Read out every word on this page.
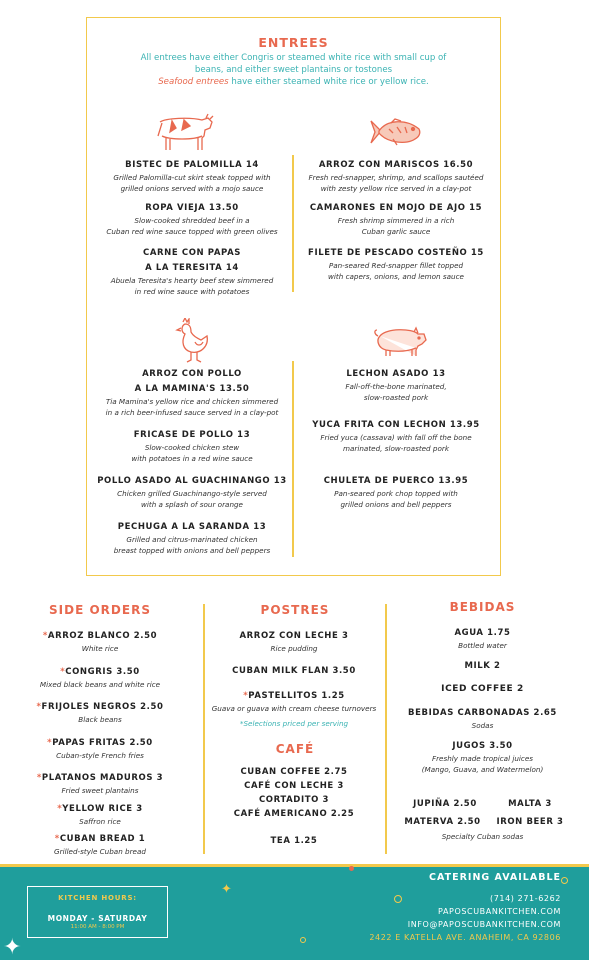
ENTREES
All entrees have either Congris or steamed white rice with small cup of
beans, and either sweet plantains or tostones
Seafood entrees have either steamed white rice or yellow rice.
BISTEC DE PALOMILLA 14
Grilled Palomilla-cut skirt steak topped with
grilled onions served with a mojo sauce
ROPA VIEJA 13.50
Slow-cooked shredded beef in a
Cuban red wine sauce topped with green olives
CARNE CON PAPAS
A LA TERESITA 14
Abuela Teresita's hearty beef stew simmered
in red wine sauce with potatoes
ARROZ CON POLLO
A LA MAMINA'S 13.50
Tia Mamina's yellow rice and chicken simmered
in a rich beer-infused sauce served in a clay-pot
FRICASE DE POLLO 13
Slow-cooked chicken stew
with potatoes in a red wine sauce
POLLO ASADO AL GUACHINANGO 13
Chicken grilled Guachinango-style served
with a splash of sour orange
PECHUGA A LA SARANDA 13
Grilled and citrus-marinated chicken
breast topped with onions and bell peppers
ARROZ CON MARISCOS 16.50
Fresh red-snapper, shrimp, and scallops sautéed
with zesty yellow rice served in a clay-pot
CAMARONES EN MOJO DE AJO 15
Fresh shrimp simmered in a rich
Cuban garlic sauce
FILETE DE PESCADO COSTEÑO 15
Pan-seared Red-snapper fillet topped
with capers, onions, and lemon sauce
LECHON ASADO 13
Fall-off-the-bone marinated,
slow-roasted pork
YUCA FRITA CON LECHON 13.95
Fried yuca (cassava) with fall off the bone
marinated, slow-roasted pork
CHULETA DE PUERCO 13.95
Pan-seared pork chop topped with
grilled onions and bell peppers
SIDE ORDERS
*ARROZ BLANCO 2.50
White rice
*CONGRIS 3.50
Mixed black beans and white rice
*FRIJOLES NEGROS 2.50
Black beans
*PAPAS FRITAS 2.50
Cuban-style French fries
*PLATANOS MADUROS 3
Fried sweet plantains
*YELLOW RICE 3
Saffron rice
*CUBAN BREAD 1
Grilled-style Cuban bread
POSTRES
ARROZ CON LECHE 3
Rice pudding
CUBAN MILK FLAN 3.50
*PASTELLITOS 1.25
Guava or guava with cream cheese turnovers
*Selections priced per serving
CAFÉ
CUBAN COFFEE 2.75
CAFÉ CON LECHE 3
CORTADITO 3
CAFÉ AMERICANO 2.25
TEA 1.25
BEBIDAS
AGUA 1.75
Bottled water
MILK 2
ICED COFFEE 2
BEBIDAS CARBONADAS 2.65
Sodas
JUGOS 3.50
Freshly made tropical juices
(Mango, Guava, and Watermelon)
JUPIÑA 2.50	MALTA 3
MATERVA 2.50	IRON BEER 3
Specialty Cuban sodas
KITCHEN HOURS:
MONDAY - SATURDAY
11:00 AM - 8:00 PM
✦
✦
CATERING AVAILABLE
(714) 271-6262
PAPOSCUBANKITCHEN.COM
INFO@PAPOSCUBANKITCHEN.COM
2422 E KATELLA AVE. ANAHEIM, CA 92806
